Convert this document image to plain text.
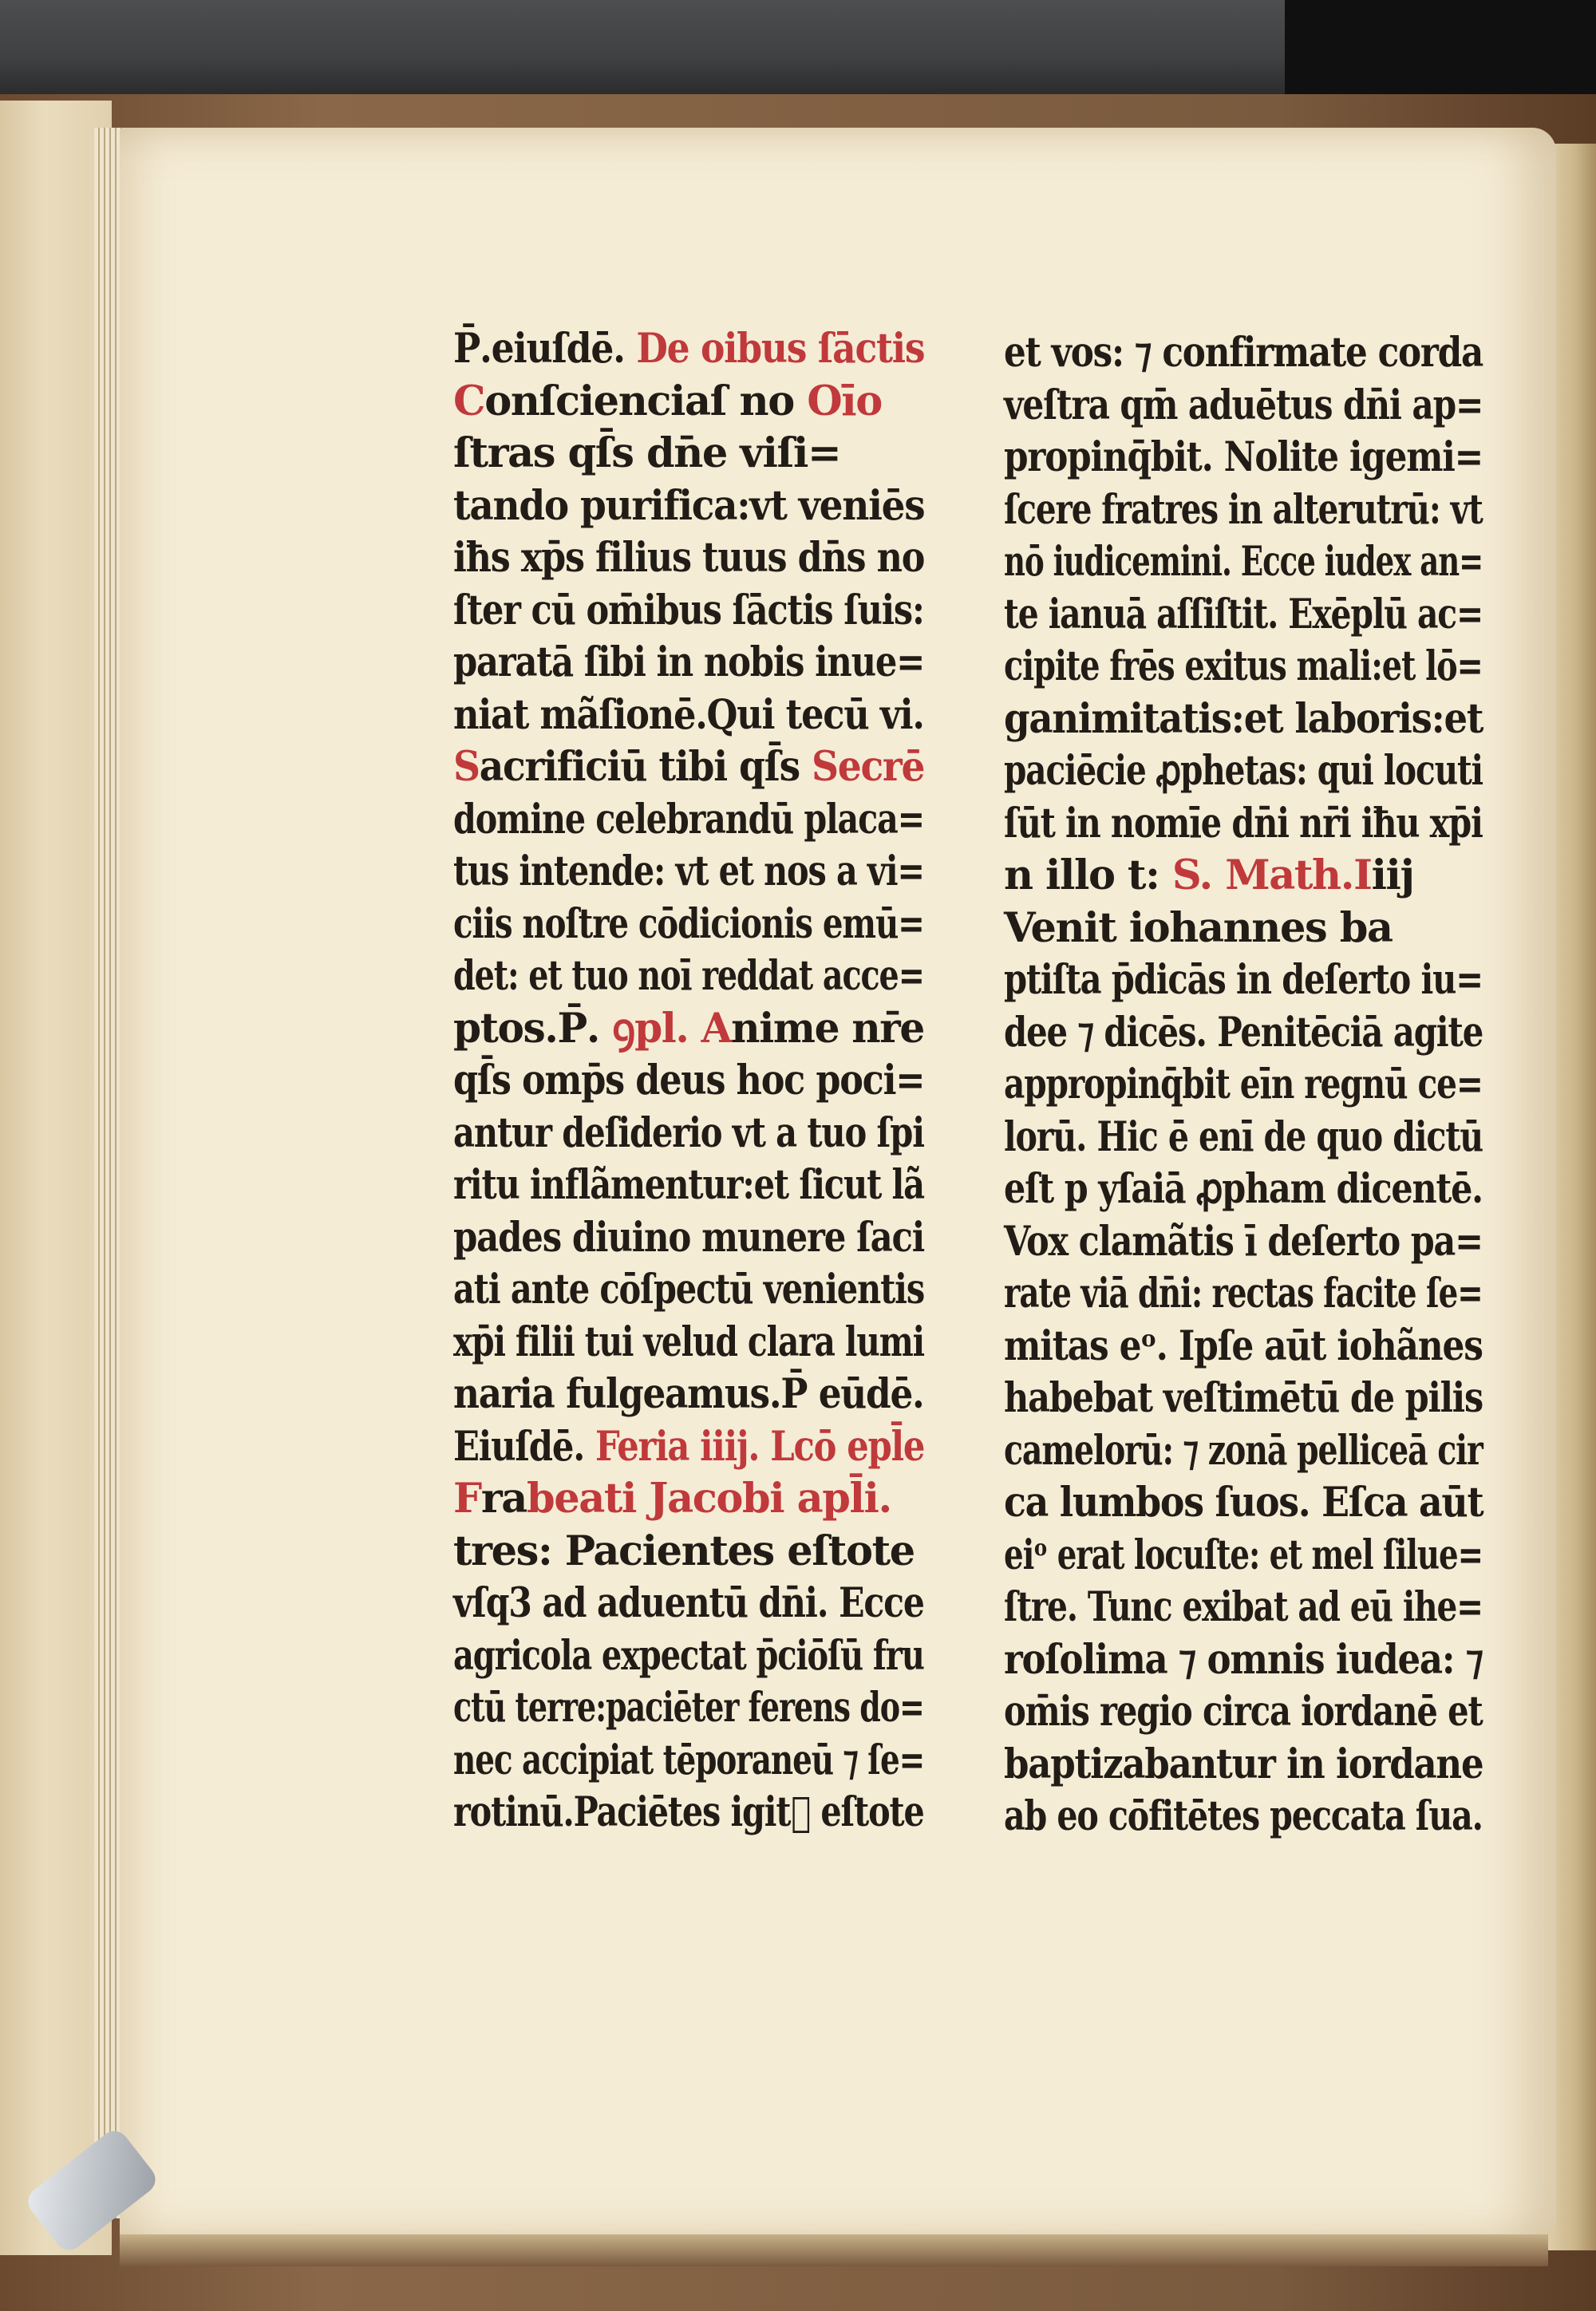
P̄.eiuſdē. De oibus ſāctis
Conſcienciaſ no Oīo
ſtras qſ̄s dn̄e viſi=
tando purifica:vt veniēs
iħs xp̄s filius tuus dn̄s no
ſter cū om̄ibus ſāctis ſuis:
paratā ſibi in nobis inue=
niat mãſionē.Qui tecū vi.
Sacrificiū tibi qſ̄s Secrē
domine celebrandū placa=
tus intende: vt et nos a vi=
ciis noſtre cōdicionis emū=
det: et tuo noī reddat acce=
ptos.P̄. ꝯpl. Anime nr̄e
qſ̄s omp̄s deus hoc poci=
antur deſiderio vt a tuo ſpi
ritu inflãmentur:et ſicut lã
pades diuino munere ſaci
ati ante cōſpectū venientis
xp̄i filii tui velud clara lumi
naria fulgeamus.P̄ eūdē.
Eiuſdē. Feria iiij. Lcō epl̄e
Frabeati Jacobi apl̄i.
tres: Pacientes eſtote
vſq3 ad aduentū dn̄i. Ecce
agricola expectat p̄ciōſū fru
ctū terre:paciēter ferens do=
nec accipiat tēporaneū ⁊ ſe=
rotinū.Paciētes igit᷑ eſtote
et vos: ⁊ confirmate corda
veſtra qm̄ aduētus dn̄i ap=
propinq̄bit. Nolite igemi=
ſcere fratres in alterutrū: vt
nō iudicemini. Ecce iudex an=
te ianuā aſſiſtit. Exēplū ac=
cipite frēs exitus mali:et lō=
ganimitatis:et laboris:et
paciēcie ꝓphetas: qui locuti
ſūt in nomīe dn̄i nr̄i iħu xp̄i
n illo t: S. Math.Iiij
Venit iohannes ba
ptiſta p̄dicās in deſerto iu=
dee ⁊ dicēs. Penitēciā agite
appropinq̄bit eīn regnū ce=
lorū. Hic ē enī de quo dictū
eſt p yſaiā ꝓpham dicentē.
Vox clamãtis ī deſerto pa=
rate viā dn̄i: rectas facite ſe=
mitas eᵒ. Ipſe aūt iohãnes
habebat veſtimētū de pilis
camelorū: ⁊ zonā pelliceā cir
ca lumbos ſuos. Eſca aūt
eiᵒ erat locuſte: et mel ſilue=
ſtre. Tunc exibat ad eū ihe=
roſolima ⁊ omnis iudea: ⁊
om̄is regio circa iordanē et
baptizabantur in iordane
ab eo cōfitētes peccata ſua.
